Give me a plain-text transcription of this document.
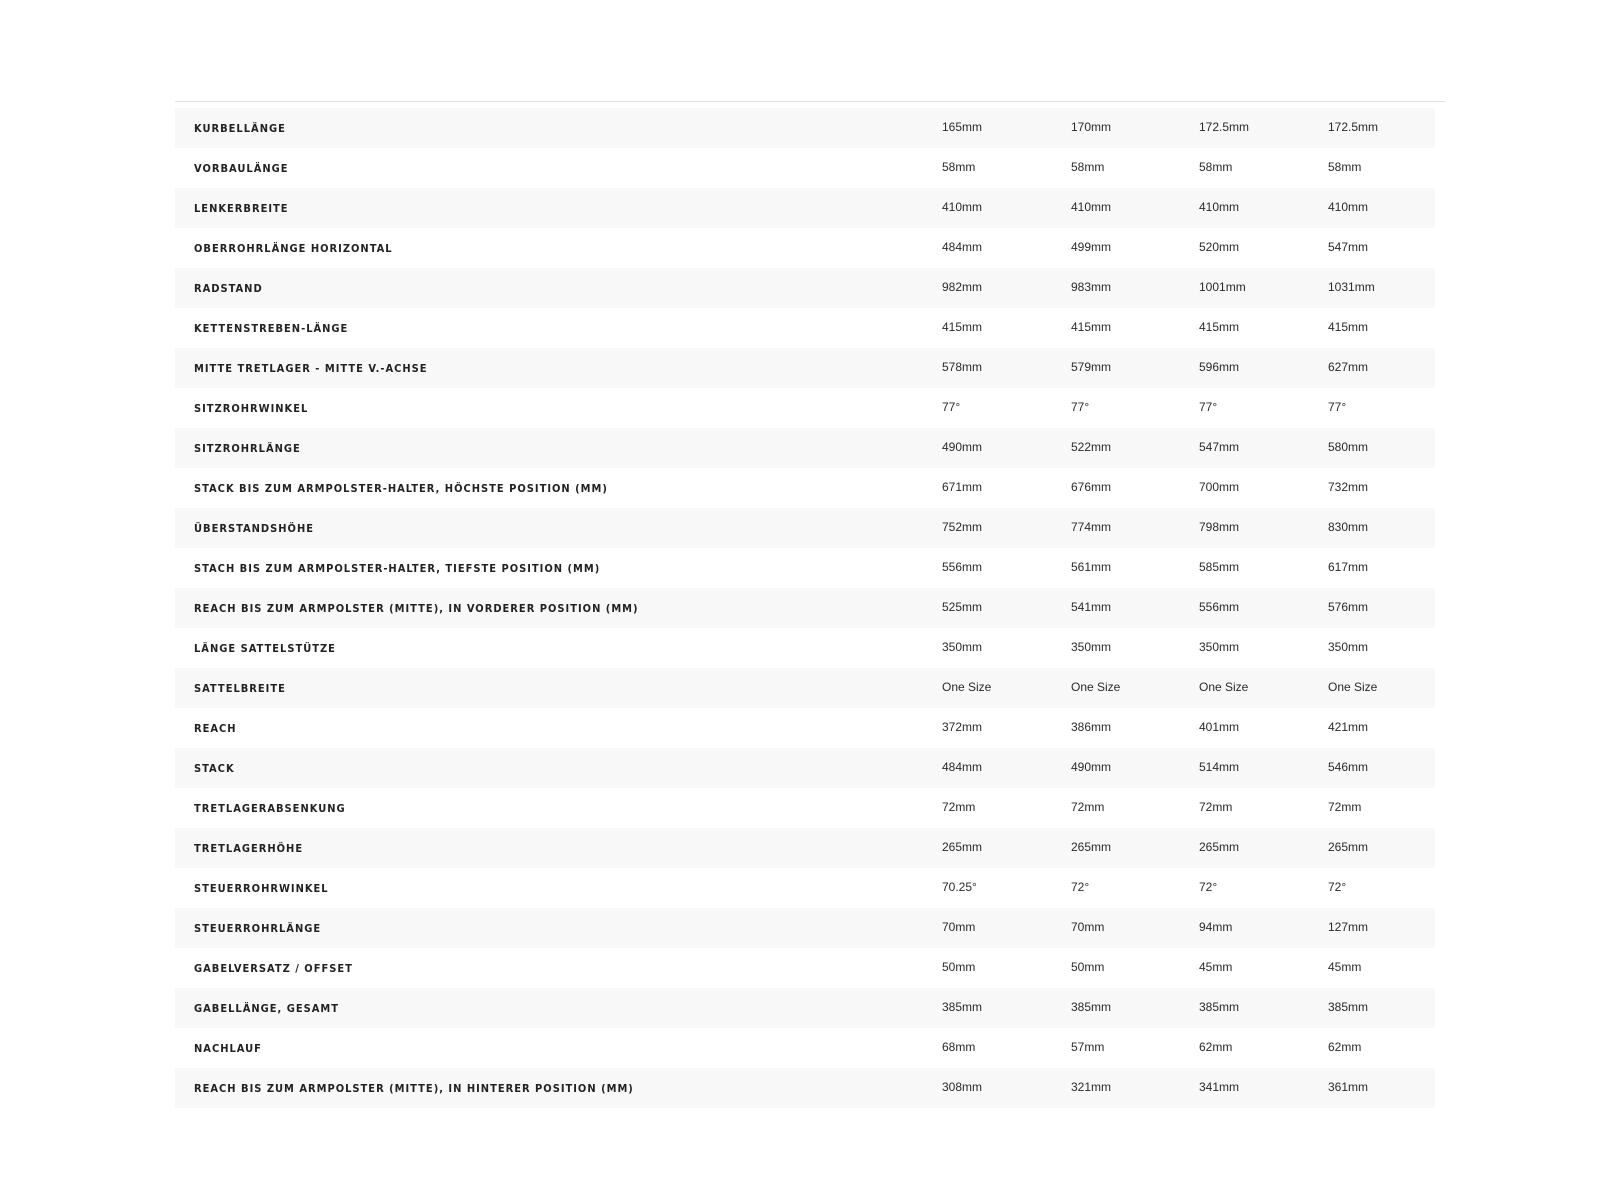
KURBELLÄNGE	165mm	170mm	172.5mm	172.5mm
VORBAULÄNGE	58mm	58mm	58mm	58mm
LENKERBREITE	410mm	410mm	410mm	410mm
OBERROHRLÄNGE HORIZONTAL	484mm	499mm	520mm	547mm
RADSTAND	982mm	983mm	1001mm	1031mm
KETTENSTREBEN-LÄNGE	415mm	415mm	415mm	415mm
MITTE TRETLAGER - MITTE V.-ACHSE	578mm	579mm	596mm	627mm
SITZROHRWINKEL	77°	77°	77°	77°
SITZROHRLÄNGE	490mm	522mm	547mm	580mm
STACK BIS ZUM ARMPOLSTER-HALTER, HÖCHSTE POSITION (MM)	671mm	676mm	700mm	732mm
ÜBERSTANDSHÖHE	752mm	774mm	798mm	830mm
STACH BIS ZUM ARMPOLSTER-HALTER, TIEFSTE POSITION (MM)	556mm	561mm	585mm	617mm
REACH BIS ZUM ARMPOLSTER (MITTE), IN VORDERER POSITION (MM)	525mm	541mm	556mm	576mm
LÄNGE SATTELSTÜTZE	350mm	350mm	350mm	350mm
SATTELBREITE	One Size	One Size	One Size	One Size
REACH	372mm	386mm	401mm	421mm
STACK	484mm	490mm	514mm	546mm
TRETLAGERABSENKUNG	72mm	72mm	72mm	72mm
TRETLAGERHÖHE	265mm	265mm	265mm	265mm
STEUERROHRWINKEL	70.25°	72°	72°	72°
STEUERROHRLÄNGE	70mm	70mm	94mm	127mm
GABELVERSATZ / OFFSET	50mm	50mm	45mm	45mm
GABELLÄNGE, GESAMT	385mm	385mm	385mm	385mm
NACHLAUF	68mm	57mm	62mm	62mm
REACH BIS ZUM ARMPOLSTER (MITTE), IN HINTERER POSITION (MM)	308mm	321mm	341mm	361mm
